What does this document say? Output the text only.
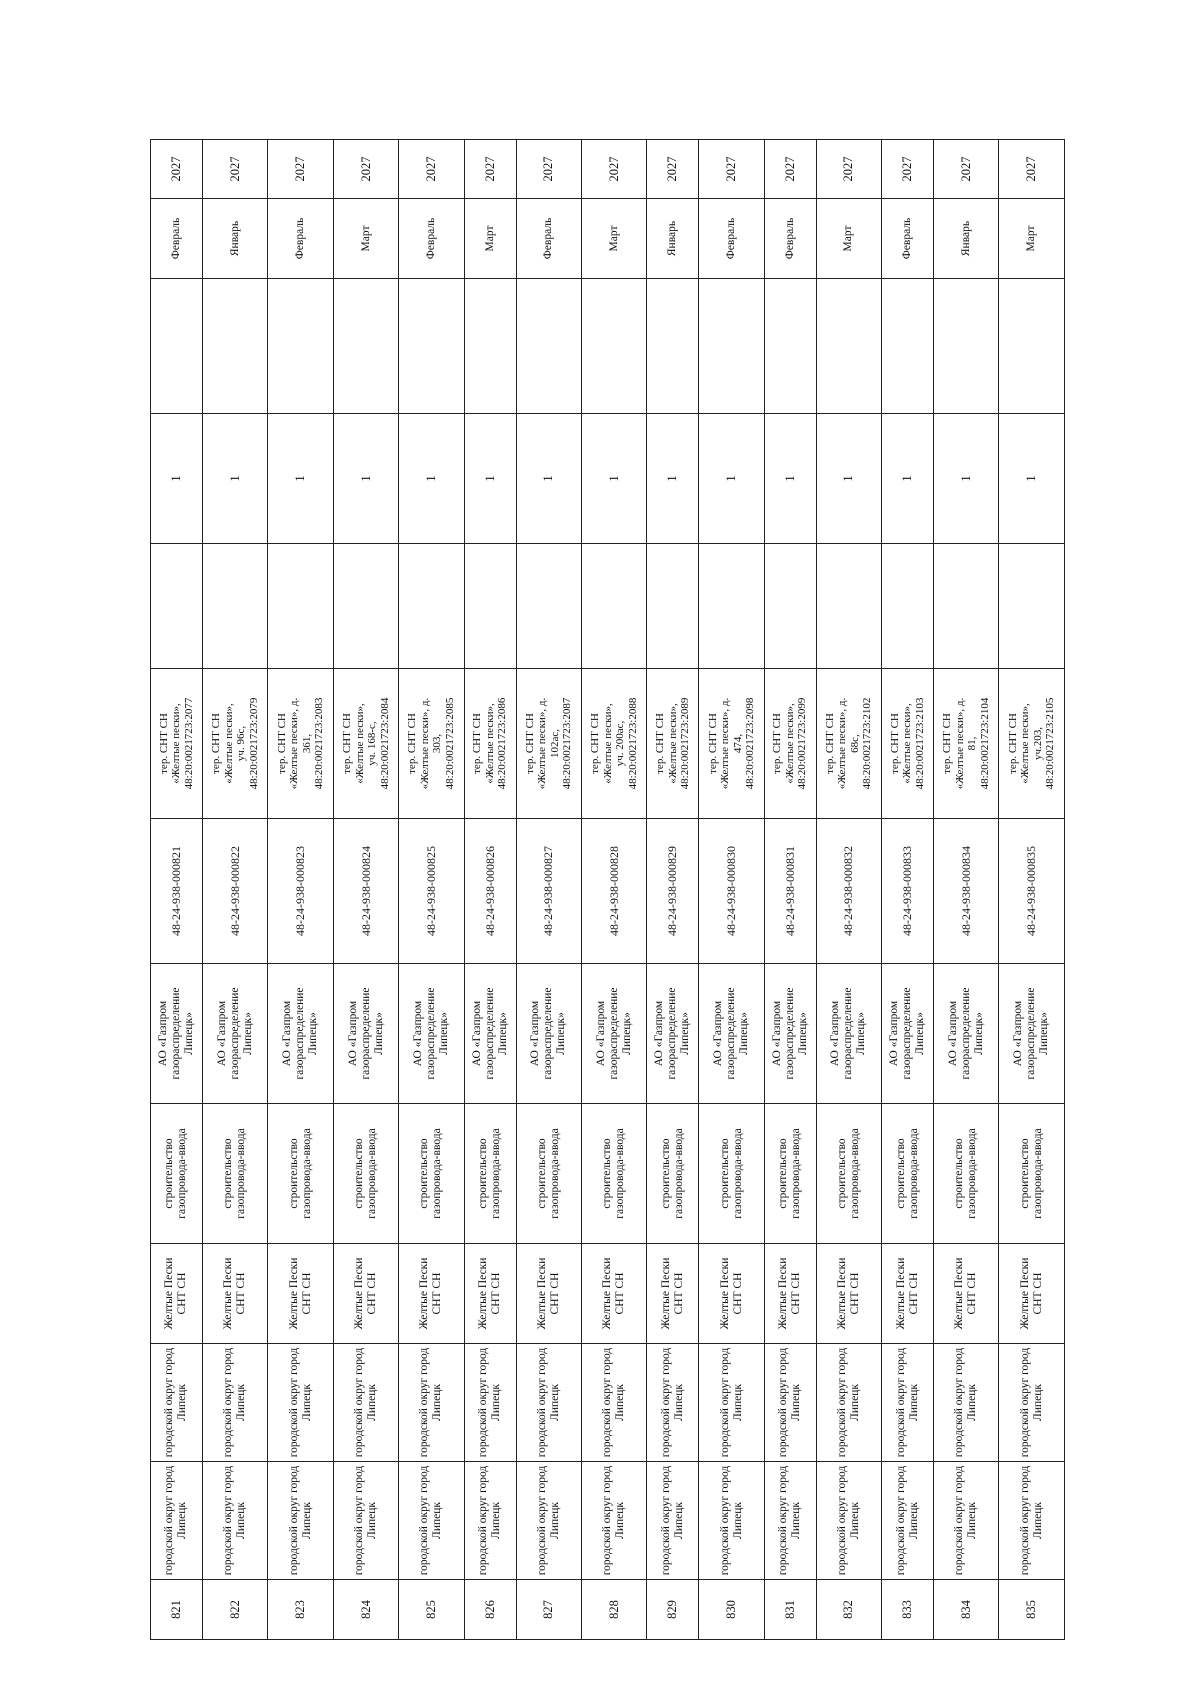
821	городской округ город Липецк	городской округ город Липецк	Желтые Пески СНТ СН	строительство газопровода-ввода	АО «Газпром газораспределение Липецк»	48-24-938-000821	тер. СНТ СН «Желтые пески», 48:20:0021723:2077		1		Февраль	2027
822	городской округ город Липецк	городской округ город Липецк	Желтые Пески СНТ СН	строительство газопровода-ввода	АО «Газпром газораспределение Липецк»	48-24-938-000822	тер. СНТ СН «Желтые пески», уч. 96с, 48:20:0021723:2079		1		Январь	2027
823	городской округ город Липецк	городской округ город Липецк	Желтые Пески СНТ СН	строительство газопровода-ввода	АО «Газпром газораспределение Липецк»	48-24-938-000823	тер. СНТ СН «Желтые пески», д. 361, 48:20:0021723:2083		1		Февраль	2027
824	городской округ город Липецк	городской округ город Липецк	Желтые Пески СНТ СН	строительство газопровода-ввода	АО «Газпром газораспределение Липецк»	48-24-938-000824	тер. СНТ СН «Желтые пески», уч. 168-с, 48:20:0021723:2084		1		Март	2027
825	городской округ город Липецк	городской округ город Липецк	Желтые Пески СНТ СН	строительство газопровода-ввода	АО «Газпром газораспределение Липецк»	48-24-938-000825	тер. СНТ СН «Желтые пески», д. 303, 48:20:0021723:2085		1		Февраль	2027
826	городской округ город Липецк	городской округ город Липецк	Желтые Пески СНТ СН	строительство газопровода-ввода	АО «Газпром газораспределение Липецк»	48-24-938-000826	тер. СНТ СН «Желтые пески», 48:20:0021723:2086		1		Март	2027
827	городской округ город Липецк	городской округ город Липецк	Желтые Пески СНТ СН	строительство газопровода-ввода	АО «Газпром газораспределение Липецк»	48-24-938-000827	тер. СНТ СН «Желтые пески», д. 102ас, 48:20:0021723:2087		1		Февраль	2027
828	городской округ город Липецк	городской округ город Липецк	Желтые Пески СНТ СН	строительство газопровода-ввода	АО «Газпром газораспределение Липецк»	48-24-938-000828	тер. СНТ СН «Желтые пески», уч. 200ас, 48:20:0021723:2088		1		Март	2027
829	городской округ город Липецк	городской округ город Липецк	Желтые Пески СНТ СН	строительство газопровода-ввода	АО «Газпром газораспределение Липецк»	48-24-938-000829	тер. СНТ СН «Желтые пески», 48:20:0021723:2089		1		Январь	2027
830	городской округ город Липецк	городской округ город Липецк	Желтые Пески СНТ СН	строительство газопровода-ввода	АО «Газпром газораспределение Липецк»	48-24-938-000830	тер. СНТ СН «Желтые пески», д. 474, 48:20:0021723:2098		1		Февраль	2027
831	городской округ город Липецк	городской округ город Липецк	Желтые Пески СНТ СН	строительство газопровода-ввода	АО «Газпром газораспределение Липецк»	48-24-938-000831	тер. СНТ СН «Желтые пески», 48:20:0021723:2099		1		Февраль	2027
832	городской округ город Липецк	городской округ город Липецк	Желтые Пески СНТ СН	строительство газопровода-ввода	АО «Газпром газораспределение Липецк»	48-24-938-000832	тер. СНТ СН «Желтые пески», д. 68с, 48:20:0021723:2102		1		Март	2027
833	городской округ город Липецк	городской округ город Липецк	Желтые Пески СНТ СН	строительство газопровода-ввода	АО «Газпром газораспределение Липецк»	48-24-938-000833	тер. СНТ СН «Желтые пески», 48:20:0021723:2103		1		Февраль	2027
834	городской округ город Липецк	городской округ город Липецк	Желтые Пески СНТ СН	строительство газопровода-ввода	АО «Газпром газораспределение Липецк»	48-24-938-000834	тер. СНТ СН «Желтые пески», д. 81, 48:20:0021723:2104		1		Январь	2027
835	городской округ город Липецк	городской округ город Липецк	Желтые Пески СНТ СН	строительство газопровода-ввода	АО «Газпром газораспределение Липецк»	48-24-938-000835	тер. СНТ СН «Желтые пески», уч.203, 48:20:0021723:2105		1		Март	2027
